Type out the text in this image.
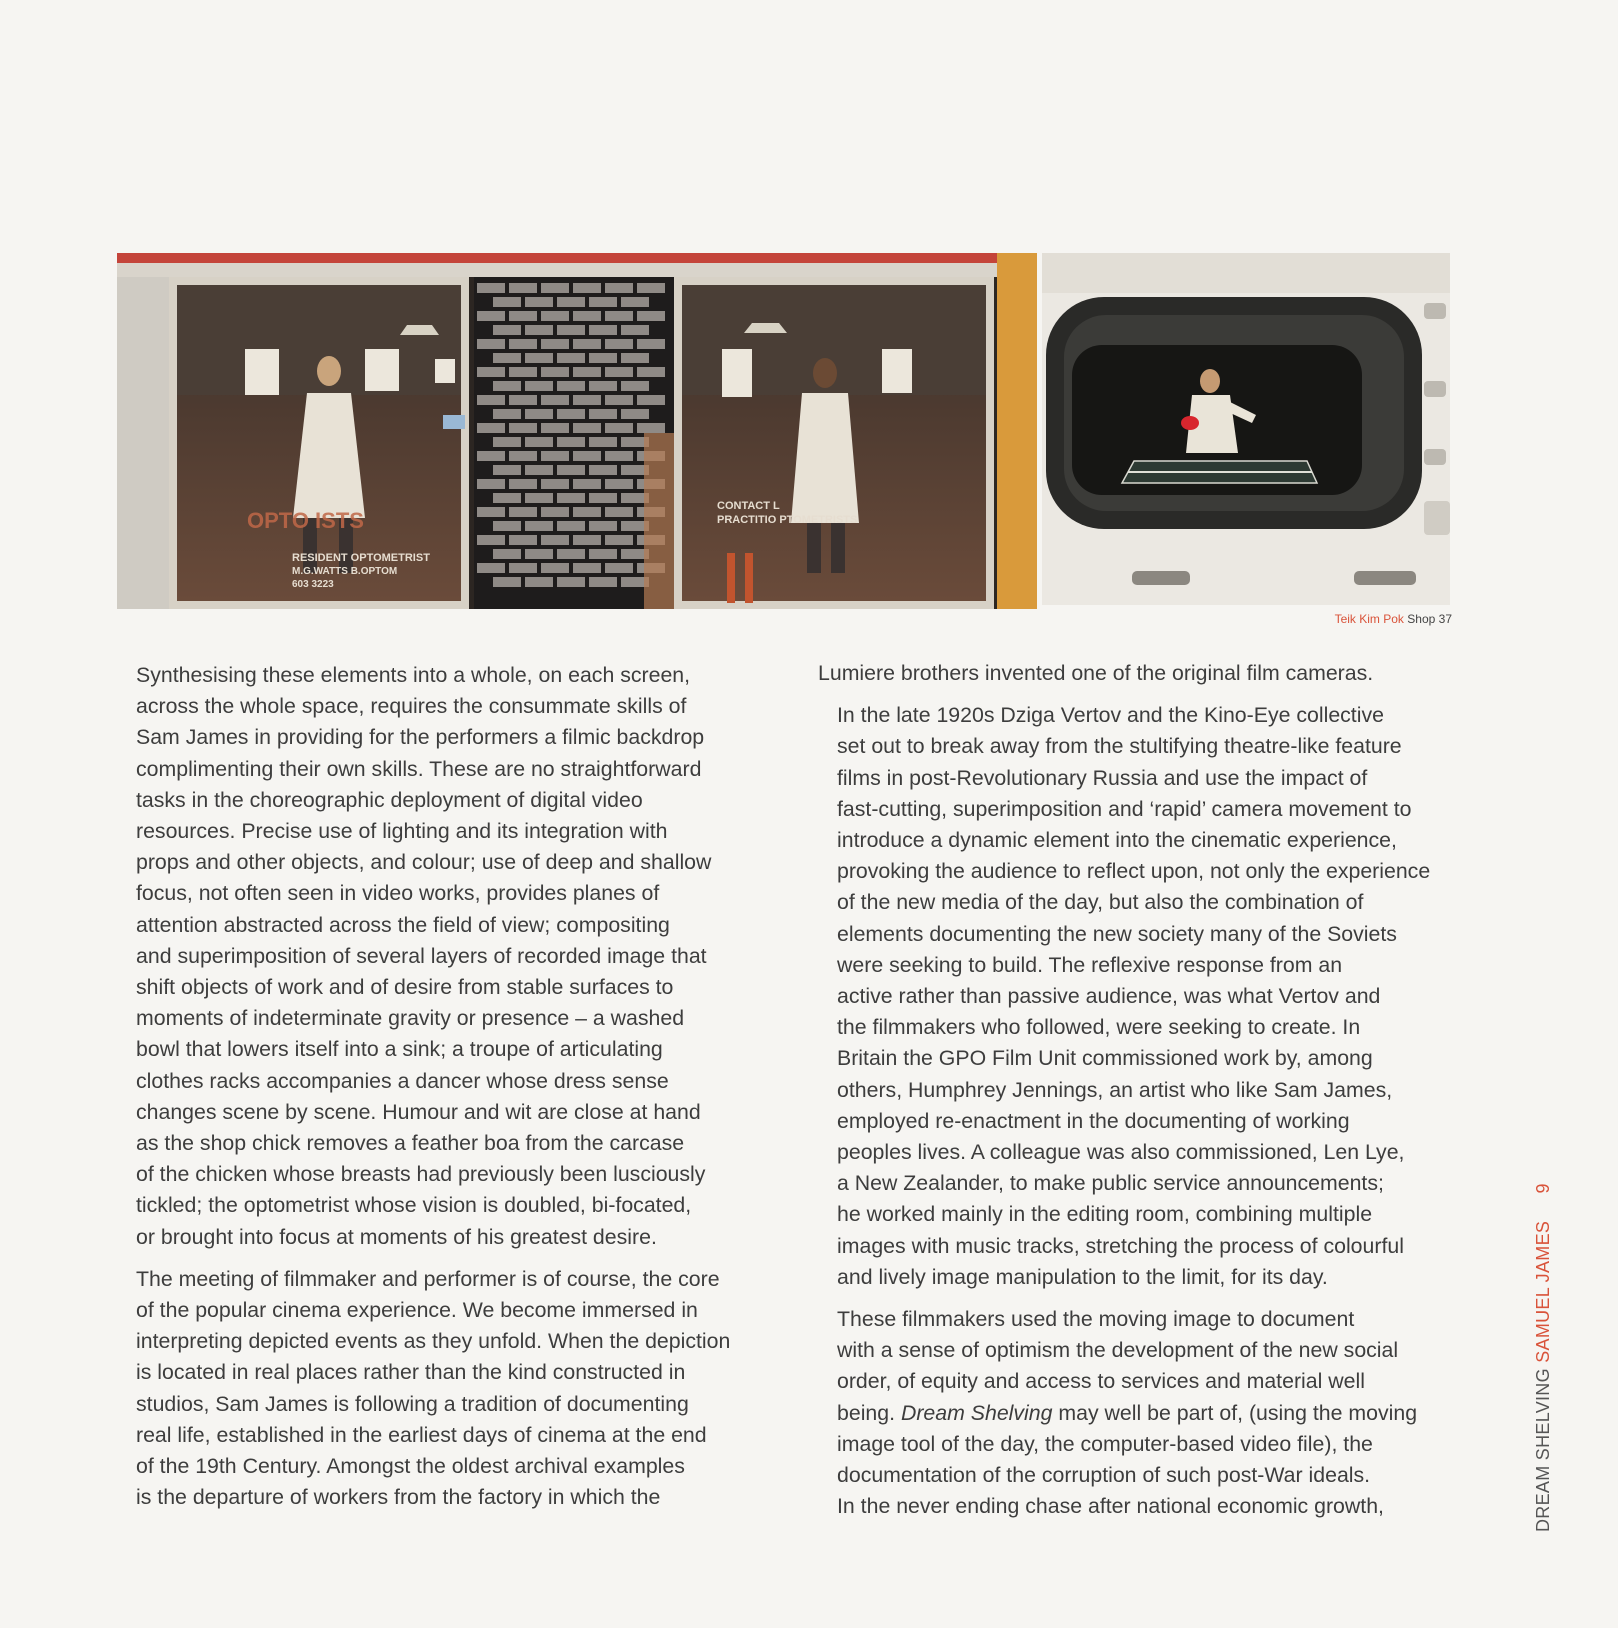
OPTO ISTS
RESIDENT OPTOMETRIST
M.G.WATTS B.OPTOM
603 3223
CONTACT L
PRACTITIO PTOMETRISTS
Teik Kim Pok Shop 37

Synthesising these elements into a whole, on each screen,
across the whole space, requires the consummate skills of
Sam James in providing for the performers a filmic backdrop
complimenting their own skills. These are no straightforward
tasks in the choreographic deployment of digital video
resources. Precise use of lighting and its integration with
props and other objects, and colour; use of deep and shallow
focus, not often seen in video works, provides planes of
attention abstracted across the field of view; compositing
and superimposition of several layers of recorded image that
shift objects of work and of desire from stable surfaces to
moments of indeterminate gravity or presence – a washed
bowl that lowers itself into a sink; a troupe of articulating
clothes racks accompanies a dancer whose dress sense
changes scene by scene. Humour and wit are close at hand
as the shop chick removes a feather boa from the carcase
of the chicken whose breasts had previously been lusciously
tickled; the optometrist whose vision is doubled, bi-focated,
or brought into focus at moments of his greatest desire.

The meeting of filmmaker and performer is of course, the core
of the popular cinema experience. We become immersed in
interpreting depicted events as they unfold. When the depiction
is located in real places rather than the kind constructed in
studios, Sam James is following a tradition of documenting
real life, established in the earliest days of cinema at the end
of the 19th Century. Amongst the oldest archival examples
is the departure of workers from the factory in which the

Lumiere brothers invented one of the original film cameras.

In the late 1920s Dziga Vertov and the Kino-Eye collective
set out to break away from the stultifying theatre-like feature
films in post-Revolutionary Russia and use the impact of
fast-cutting, superimposition and ‘rapid’ camera movement to
introduce a dynamic element into the cinematic experience,
provoking the audience to reflect upon, not only the experience
of the new media of the day, but also the combination of
elements documenting the new society many of the Soviets
were seeking to build. The reflexive response from an
active rather than passive audience, was what Vertov and
the filmmakers who followed, were seeking to create. In
Britain the GPO Film Unit commissioned work by, among
others, Humphrey Jennings, an artist who like Sam James,
employed re-enactment in the documenting of working
peoples lives. A colleague was also commissioned, Len Lye,
a New Zealander, to make public service announcements;
he worked mainly in the editing room, combining multiple
images with music tracks, stretching the process of colourful
and lively image manipulation to the limit, for its day.

These filmmakers used the moving image to document
with a sense of optimism the development of the new social
order, of equity and access to services and material well
being. Dream Shelving may well be part of, (using the moving
image tool of the day, the computer-based video file), the
documentation of the corruption of such post-War ideals.
In the never ending chase after national economic growth,	DREAM SHELVING SAMUEL JAMES 9
